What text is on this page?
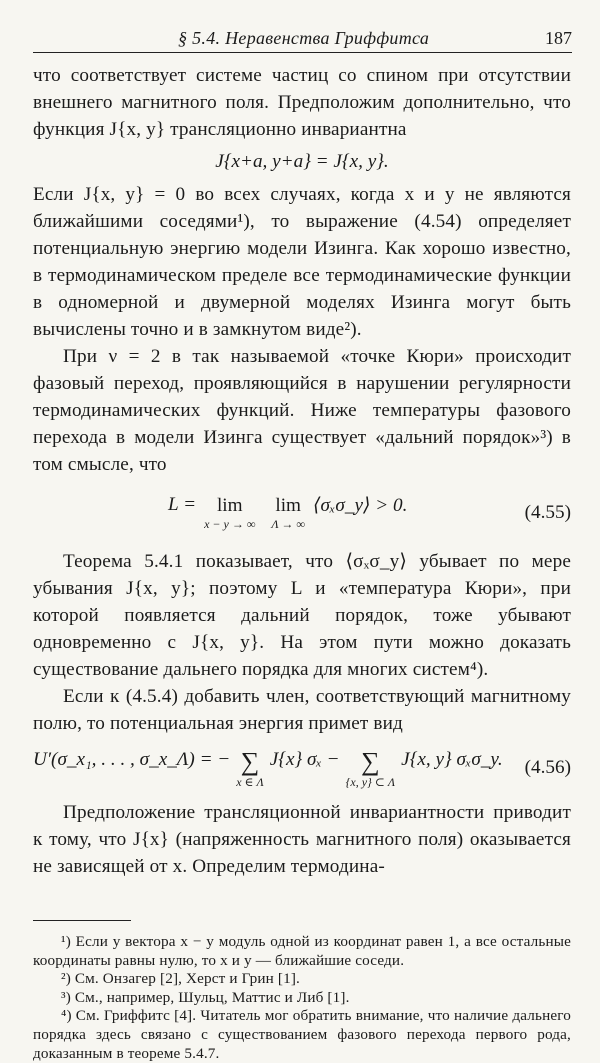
§ 5.4. Неравенства Гриффитса	187

что соответствует системе частиц со спином при отсутствии внешнего магнитного поля. Предположим дополнительно, что функция J{x, y} трансляционно инвариантна

J{x+a, y+a} = J{x, y}.

Если J{x, y} = 0 во всех случаях, когда x и y не являются ближайшими соседями¹), то выражение (4.54) определяет потенциальную энергию модели Изинга. Как хорошо известно, в термодинамическом пределе все термодинамические функции в одномерной и двумерной моделях Изинга могут быть вычислены точно и в замкнутом виде²).

При ν = 2 в так называемой «точке Кюри» происходит фазовый переход, проявляющийся в нарушении регулярности термодинамических функций. Ниже температуры фазового перехода в модели Изинга существует «дальний порядок»³) в том смысле, что

L = lim
x − y → ∞
lim
Λ → ∞
⟨σₓσ_y⟩ > 0.	(4.55)

Теорема 5.4.1 показывает, что ⟨σₓσ_y⟩ убывает по мере убывания J{x, y}; поэтому L и «температура Кюри», при которой появляется дальний порядок, тоже убывают одновременно с J{x, y}. На этом пути можно доказать существование дальнего порядка для многих систем⁴).

Если к (4.5.4) добавить член, соответствующий магнитному полю, то потенциальная энергия примет вид

U′(σ_x₁, . . . , σ_x_Λ) = − ∑
x ∈ Λ
J{x} σₓ − ∑
{x, y} ⊂ Λ
J{x, y} σₓσ_y. (4.56)

Предположение трансляционной инвариантности приводит к тому, что J{x} (напряженность магнитного поля) оказывается не зависящей от x. Определим термодина-

¹) Если у вектора x − y модуль одной из координат равен 1, а все остальные координаты равны нулю, то x и y — ближайшие соседи.

²) См. Онзагер [2], Херст и Грин [1].

³) См., например, Шульц, Маттис и Либ [1].

⁴) См. Гриффитс [4]. Читатель мог обратить внимание, что наличие дальнего порядка здесь связано с существованием фазового перехода первого рода, доказанным в теореме 5.4.7.
